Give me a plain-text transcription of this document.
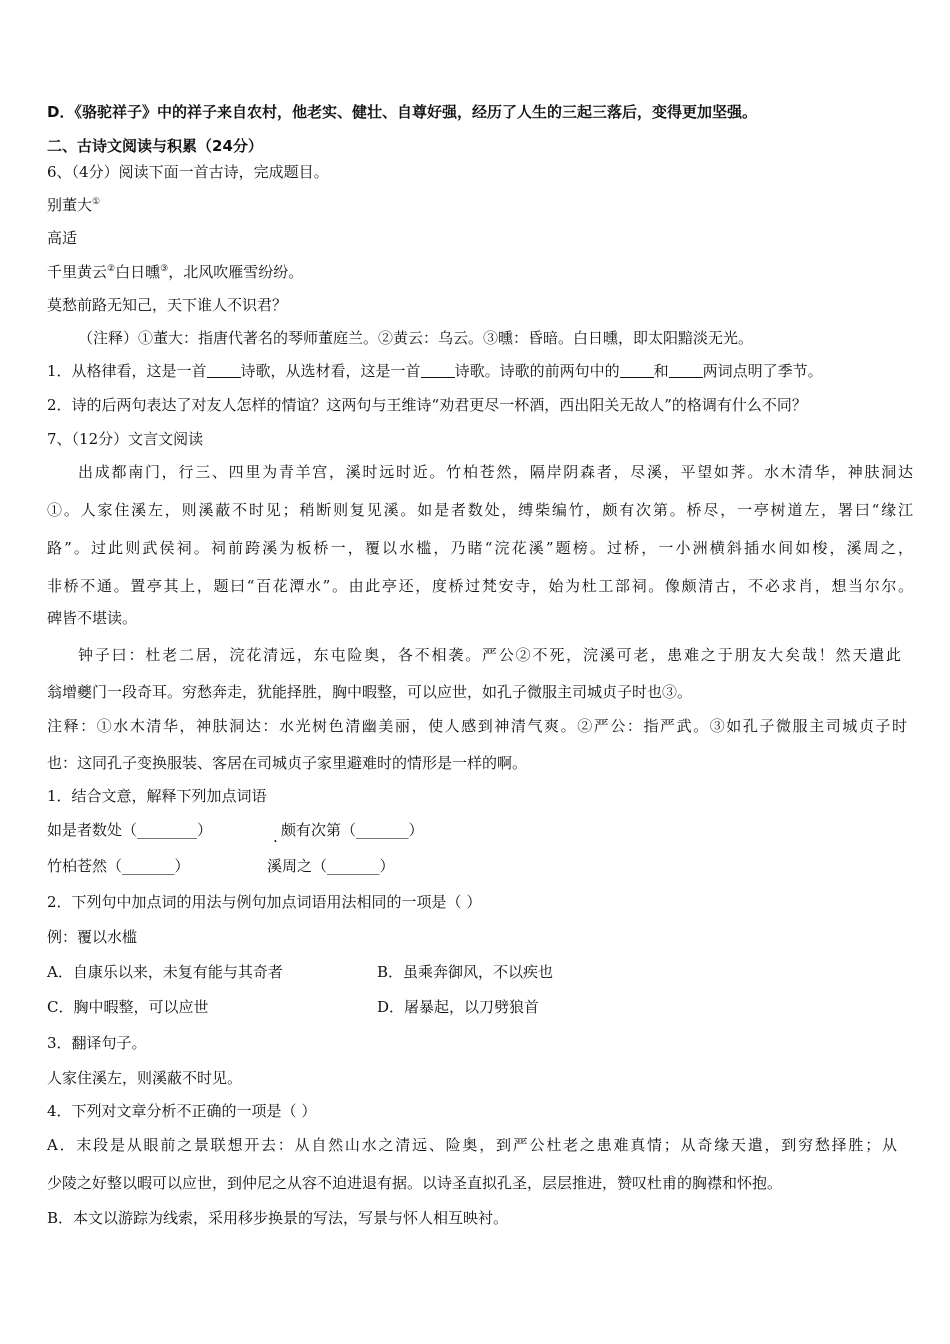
D．《骆驼祥子》中的祥子来自农村，他老实、健壮、自尊好强，经历了人生的三起三落后，变得更加坚强。
二、古诗文阅读与积累（24分）
6、（4分）阅读下面一首古诗，完成题目。
别董大①
高适
千里黄云②白日曛③，北风吹雁雪纷纷。
莫愁前路无知己，天下谁人不识君？
（注释）①董大：指唐代著名的琴师董庭兰。②黄云：乌云。③曛：昏暗。白日曛，即太阳黯淡无光。
1．从格律看，这是一首 诗歌，从选材看，这是一首 诗歌。诗歌的前两句中的 和 两词点明了季节。
2．诗的后两句表达了对友人怎样的情谊？这两句与王维诗“劝君更尽一杯酒，西出阳关无故人”的格调有什么不同？
7、（12分）文言文阅读
出成都南门，行三、四里为青羊宫，溪时远时近。竹柏苍然，隔岸阴森者，尽溪，平望如荠。水木清华，神肤洞达
①。人家住溪左，则溪蔽不时见；稍断则复见溪。如是者数处，缚柴编竹，颇有次第。桥尽，一亭树道左，署曰“缘江
路”。过此则武侯祠。祠前跨溪为板桥一，覆以水槛，乃睹“浣花溪”题榜。过桥，一小洲横斜插水间如梭，溪周之，
非桥不通。置亭其上，题曰“百花潭水”。由此亭还，度桥过梵安寺，始为杜工部祠。像颇清古，不必求肖，想当尔尔。
碑皆不堪读。
钟子曰：杜老二居，浣花清远，东屯险奥，各不相袭。严公②不死，浣溪可老，患难之于朋友大矣哉！然天遣此
翁增夔门一段奇耳。穷愁奔走，犹能择胜，胸中暇整，可以应世，如孔子微服主司城贞子时也③。
注释：①水木清华，神肤洞达：水光树色清幽美丽，使人感到神清气爽。②严公：指严武。③如孔子微服主司城贞子时
也：这同孔子变换服装、客居在司城贞子家里避难时的情形是一样的啊。
1．结合文意，解释下列加点词语
如是者数处（________）	颇有次第（_______）
.
竹柏苍然（_______）	溪周之（_______）
2．下列句中加点词的用法与例句加点词语用法相同的一项是（ ）
例：覆以水槛
A．自康乐以来，未复有能与其奇者	B．虽乘奔御风，不以疾也
C．胸中暇整，可以应世	D．屠暴起，以刀劈狼首
3．翻译句子。
人家住溪左，则溪蔽不时见。
4．下列对文章分析不正确的一项是（ ）
A．末段是从眼前之景联想开去：从自然山水之清远、险奥，到严公杜老之患难真情；从奇缘天遣，到穷愁择胜；从
少陵之好整以暇可以应世，到仲尼之从容不迫进退有据。以诗圣直拟孔圣，层层推进，赞叹杜甫的胸襟和怀抱。
B．本文以游踪为线索，采用移步换景的写法，写景与怀人相互映衬。
